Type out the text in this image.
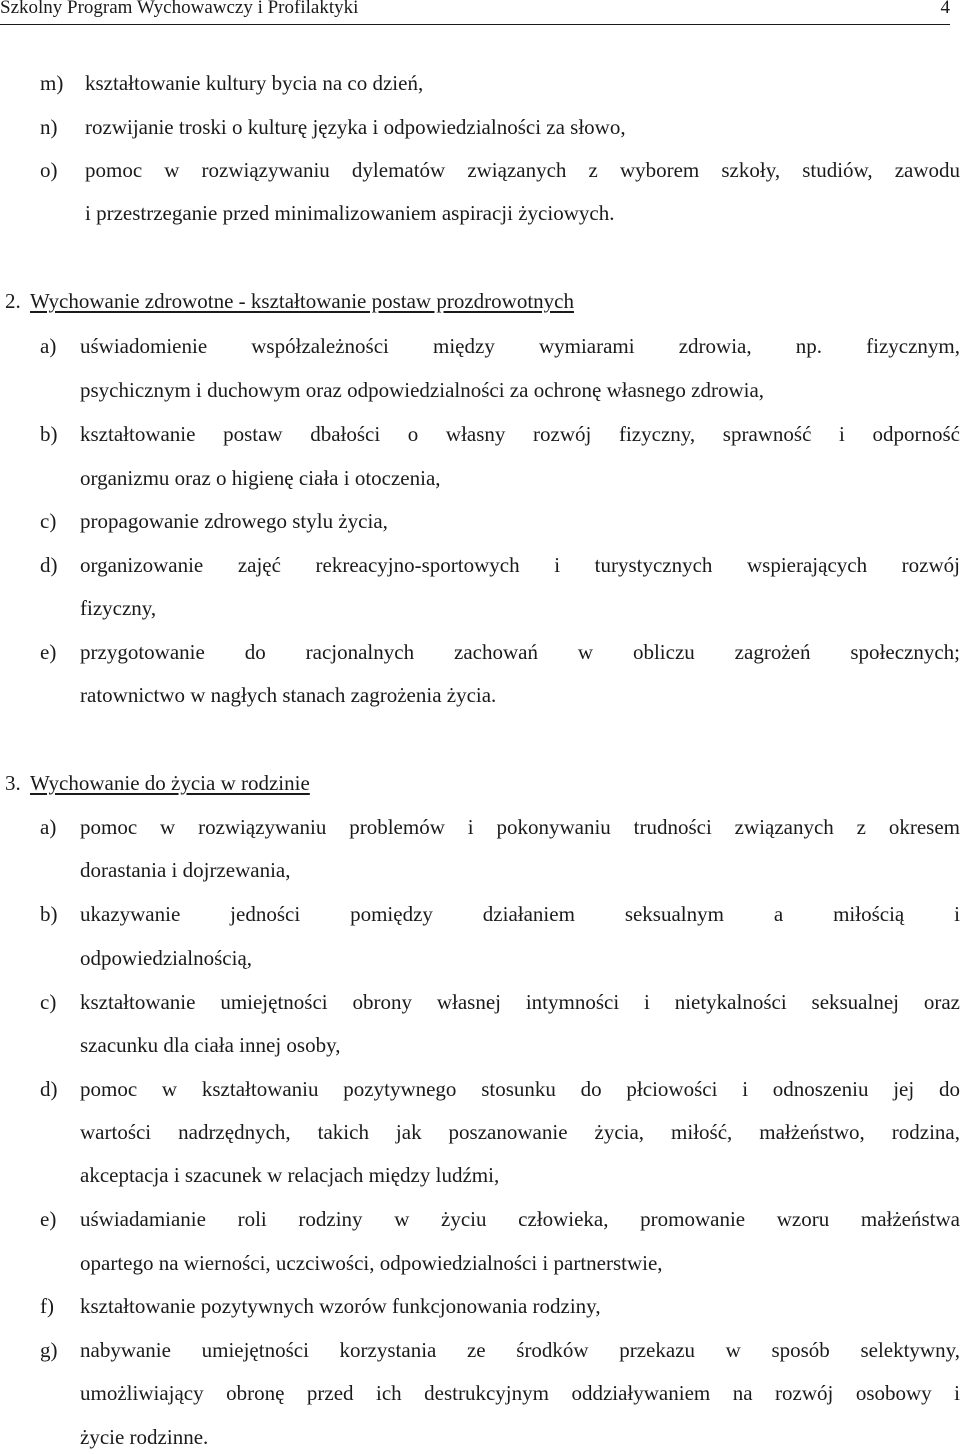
Szkolny Program Wychowawczy i Profilaktyki	4
m) kształtowanie kultury bycia na co dzień,
n) rozwijanie troski o kulturę języka i odpowiedzialności za słowo,
o) pomoc w rozwiązywaniu dylematów związanych z wyborem szkoły, studiów, zawodu
i przestrzeganie przed minimalizowaniem aspiracji życiowych.
2. Wychowanie zdrowotne - kształtowanie postaw prozdrowotnych
a) uświadomienie współzależności między wymiarami zdrowia, np. fizycznym,
psychicznym i duchowym oraz odpowiedzialności za ochronę własnego zdrowia,
b) kształtowanie postaw dbałości o własny rozwój fizyczny, sprawność i odporność
organizmu oraz o higienę ciała i otoczenia,
c) propagowanie zdrowego stylu życia,
d) organizowanie zajęć rekreacyjno-sportowych i turystycznych wspierających rozwój
fizyczny,
e) przygotowanie do racjonalnych zachowań w obliczu zagrożeń społecznych;
ratownictwo w nagłych stanach zagrożenia życia.
3. Wychowanie do życia w rodzinie
a) pomoc w rozwiązywaniu problemów i pokonywaniu trudności związanych z okresem
dorastania i dojrzewania,
b) ukazywanie jedności pomiędzy działaniem seksualnym a miłością i
odpowiedzialnością,
c) kształtowanie umiejętności obrony własnej intymności i nietykalności seksualnej oraz
szacunku dla ciała innej osoby,
d) pomoc w kształtowaniu pozytywnego stosunku do płciowości i odnoszeniu jej do
wartości nadrzędnych, takich jak poszanowanie życia, miłość, małżeństwo, rodzina,
akceptacja i szacunek w relacjach między ludźmi,
e) uświadamianie roli rodziny w życiu człowieka, promowanie wzoru małżeństwa
opartego na wierności, uczciwości, odpowiedzialności i partnerstwie,
f) kształtowanie pozytywnych wzorów funkcjonowania rodziny,
g) nabywanie umiejętności korzystania ze środków przekazu w sposób selektywny,
umożliwiający obronę przed ich destrukcyjnym oddziaływaniem na rozwój osobowy i
życie rodzinne.
